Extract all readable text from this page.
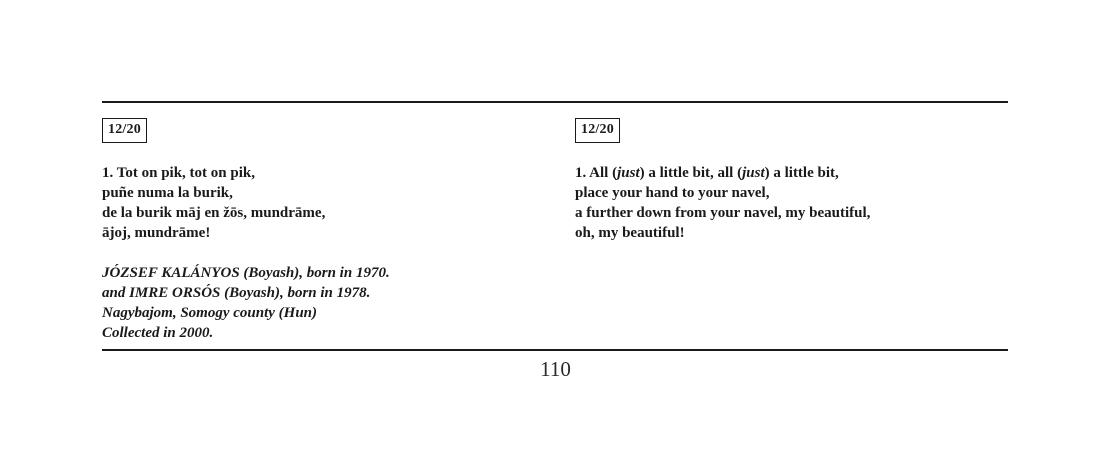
12/20
1. Tot on pik, tot on pik,
puñe numa la burik,
de la burik māj en žōs, mundrāme,
ājoj, mundrāme!
JÓZSEF KALÁNYOS (Boyash), born in 1970.
and IMRE ORSÓS (Boyash), born in 1978.
Nagybajom, Somogy county (Hun)
Collected in 2000.
12/20
1. All (just) a little bit, all (just) a little bit,
place your hand to your navel,
a further down from your navel, my beautiful,
oh, my beautiful!
110
